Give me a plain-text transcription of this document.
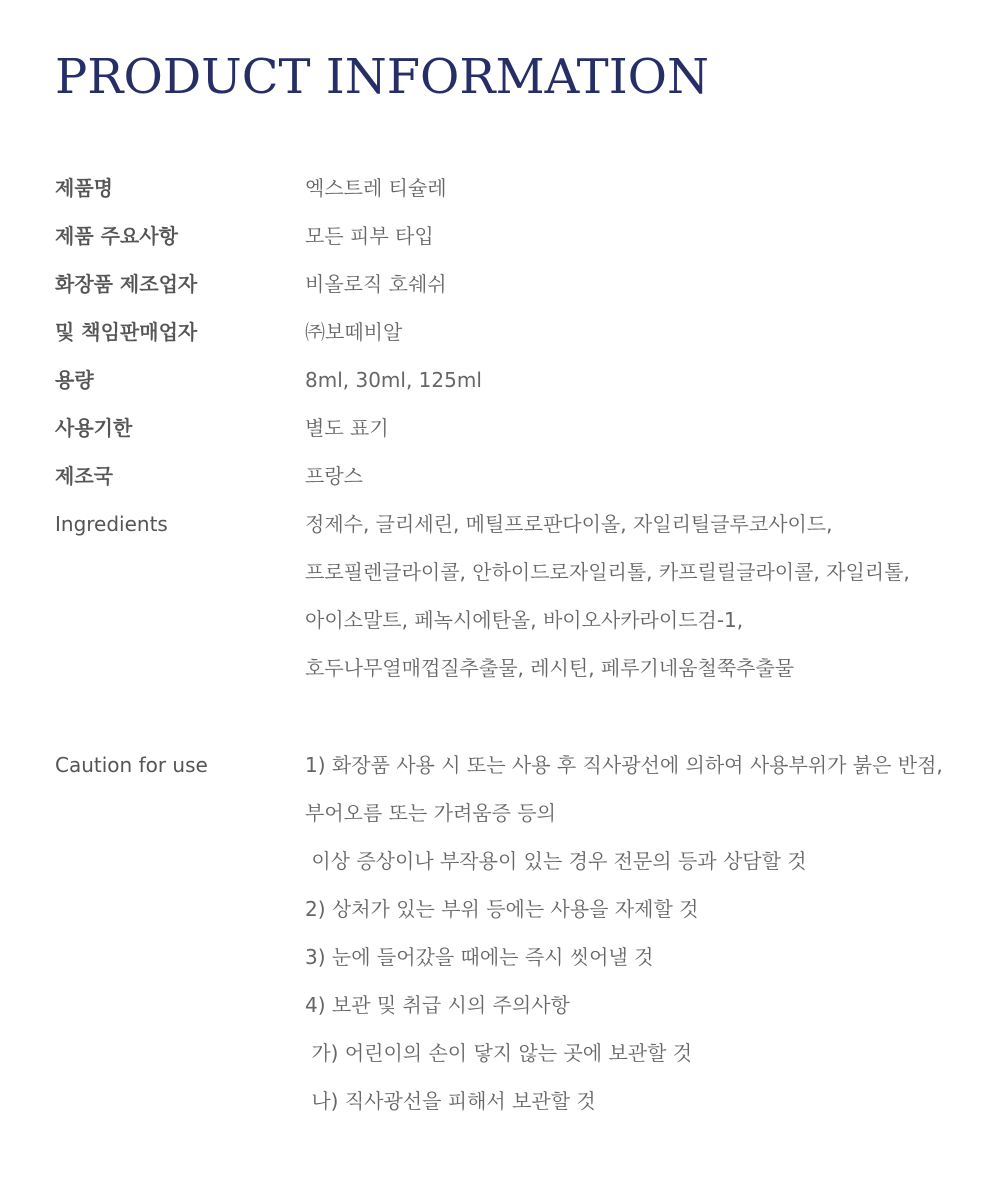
PRODUCT INFORMATION
제품명	엑스트레 티슐레
제품 주요사항	모든 피부 타입
화장품 제조업자	비올로직 호쉐쉬
및 책임판매업자	㈜보떼비알
용량	8ml, 30ml, 125ml
사용기한	별도 표기
제조국	프랑스
Ingredients	정제수, 글리세린, 메틸프로판다이올, 자일리틸글루코사이드,
프로필렌글라이콜, 안하이드로자일리톨, 카프릴릴글라이콜, 자일리톨,
아이소말트, 페녹시에탄올, 바이오사카라이드검-1,
호두나무열매껍질추출물, 레시틴, 페루기네움철쭉추출물
Caution for use	1) 화장품 사용 시 또는 사용 후 직사광선에 의하여 사용부위가 붉은 반점,
부어오름 또는 가려움증 등의
이상 증상이나 부작용이 있는 경우 전문의 등과 상담할 것
2) 상처가 있는 부위 등에는 사용을 자제할 것
3) 눈에 들어갔을 때에는 즉시 씻어낼 것
4) 보관 및 취급 시의 주의사항
가) 어린이의 손이 닿지 않는 곳에 보관할 것
나) 직사광선을 피해서 보관할 것
